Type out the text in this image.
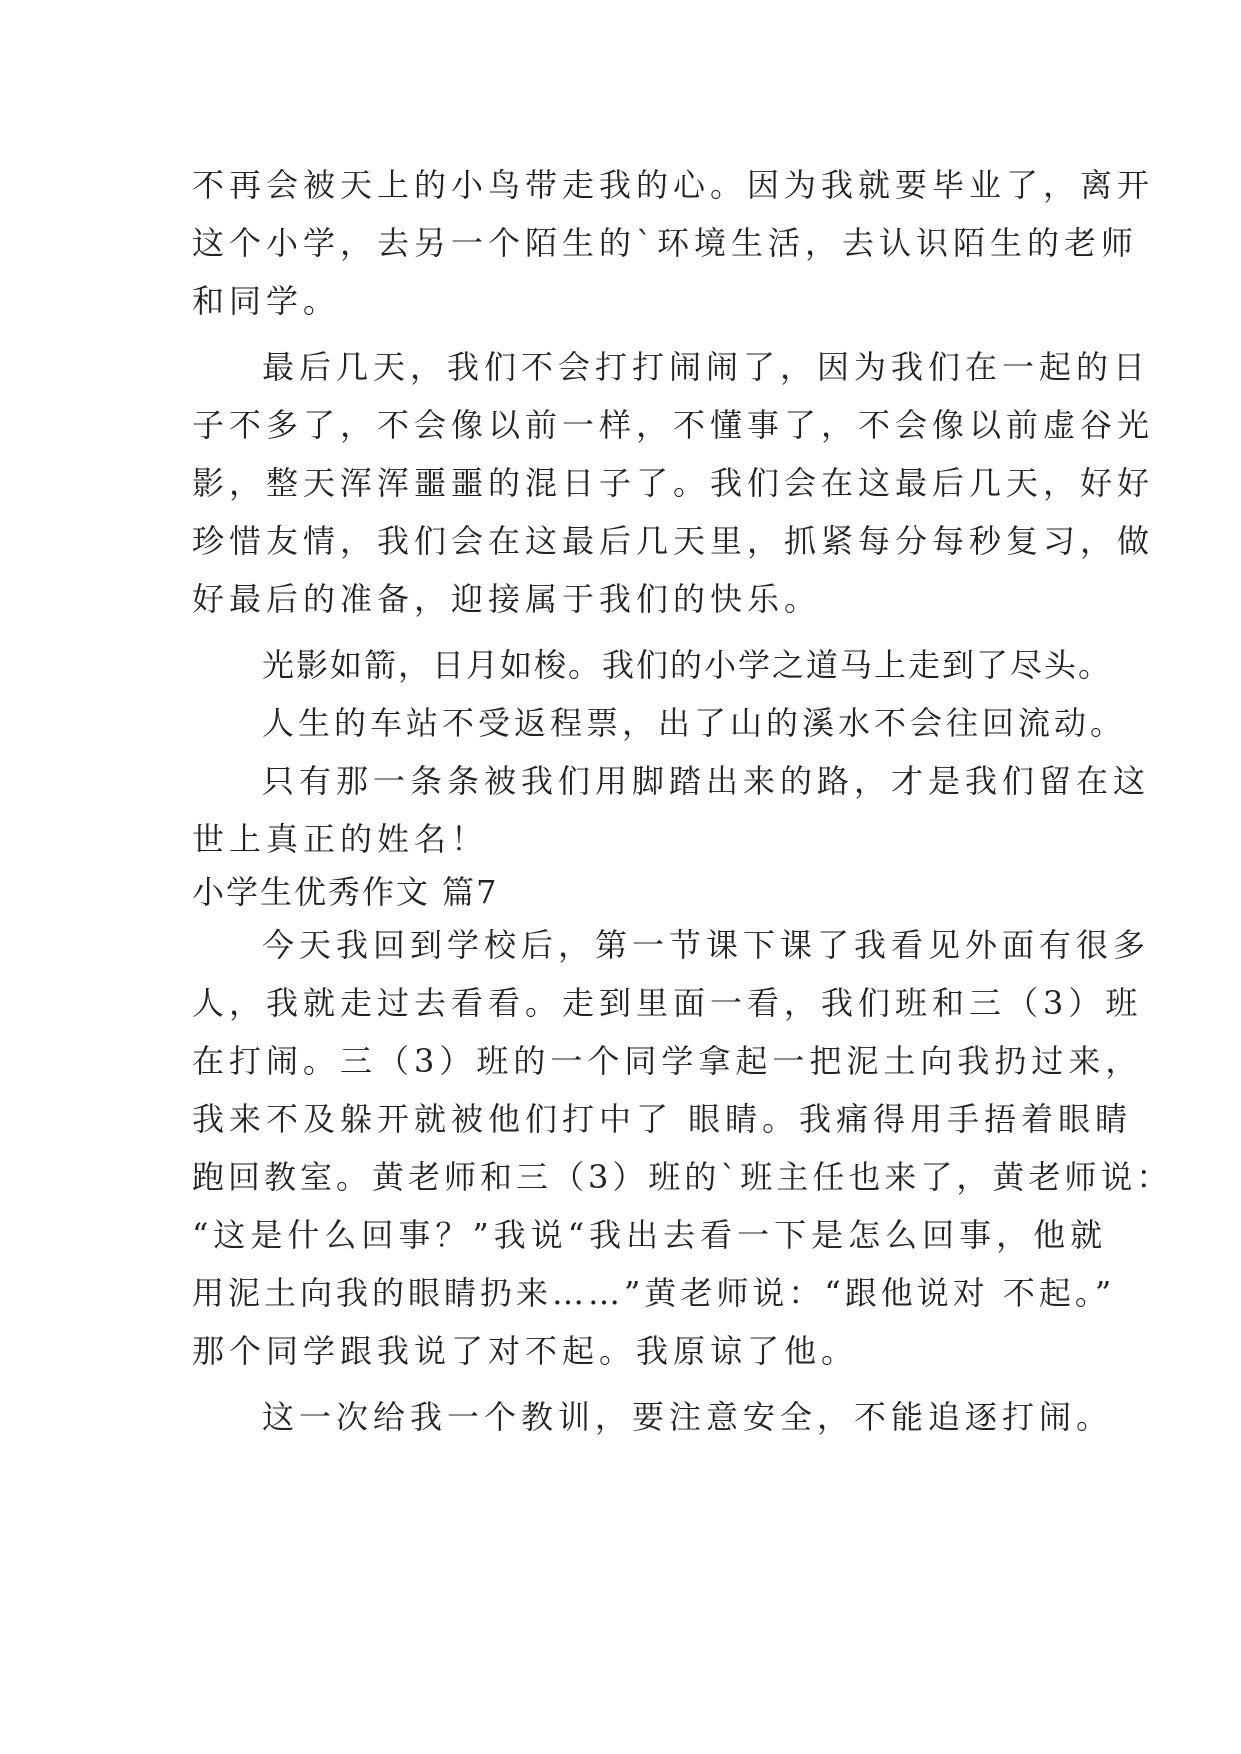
不再会被天上的小鸟带走我的心。因为我就要毕业了，离开
这个小学，去另一个陌生的`环境生活，去认识陌生的老师
和同学。
最后几天，我们不会打打闹闹了，因为我们在一起的日
子不多了，不会像以前一样，不懂事了，不会像以前虚谷光
影，整天浑浑噩噩的混日子了。我们会在这最后几天，好好
珍惜友情，我们会在这最后几天里，抓紧每分每秒复习，做
好最后的准备，迎接属于我们的快乐。
光影如箭，日月如梭。我们的小学之道马上走到了尽头。
人生的车站不受返程票，出了山的溪水不会往回流动。
只有那一条条被我们用脚踏出来的路，才是我们留在这
世上真正的姓名！
小学生优秀作文 篇7
今天我回到学校后，第一节课下课了我看见外面有很多
人，我就走过去看看。走到里面一看，我们班和三（3）班
在打闹。三（3）班的一个同学拿起一把泥土向我扔过来，
我来不及躲开就被他们打中了 眼睛。我痛得用手捂着眼睛
跑回教室。黄老师和三（3）班的`班主任也来了，黄老师说：
“这是什么回事？”我说“我出去看一下是怎么回事，他就
用泥土向我的眼睛扔来……”黄老师说：“跟他说对 不起。”
那个同学跟我说了对不起。我原谅了他。
这一次给我一个教训，要注意安全，不能追逐打闹。
